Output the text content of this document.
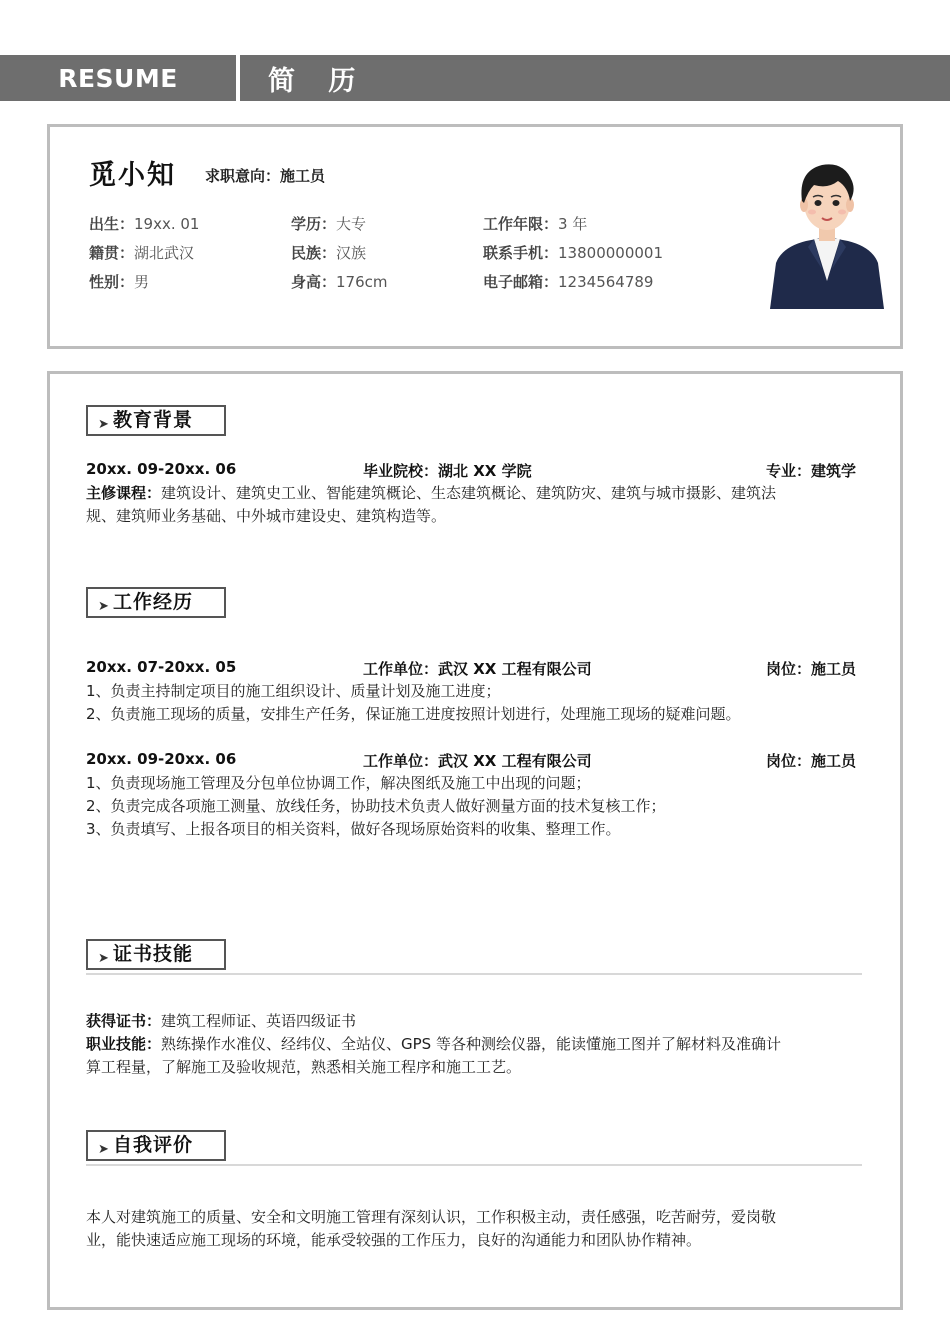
RESUME	简 历
觅小知 求职意向：施工员
出生：19xx. 01	学历：大专	工作年限：3 年
籍贯：湖北武汉	民族：汉族	联系手机：13800000001
性别：男	身高：176cm	电子邮箱：1234564789
➤ 教育背景
20xx. 09-20xx. 06	毕业院校：湖北 XX 学院	专业：建筑学
主修课程：建筑设计、建筑史工业、智能建筑概论、生态建筑概论、建筑防灾、建筑与城市摄影、建筑法
规、建筑师业务基础、中外城市建设史、建筑构造等。
➤ 工作经历
20xx. 07-20xx. 05	工作单位：武汉 XX 工程有限公司	岗位：施工员
1、负责主持制定项目的施工组织设计、质量计划及施工进度；
2、负责施工现场的质量，安排生产任务，保证施工进度按照计划进行，处理施工现场的疑难问题。
20xx. 09-20xx. 06	工作单位：武汉 XX 工程有限公司	岗位：施工员
1、负责现场施工管理及分包单位协调工作，解决图纸及施工中出现的问题；
2、负责完成各项施工测量、放线任务，协助技术负责人做好测量方面的技术复核工作；
3、负责填写、上报各项目的相关资料，做好各现场原始资料的收集、整理工作。
➤ 证书技能
获得证书：建筑工程师证、英语四级证书
职业技能：熟练操作水准仪、经纬仪、全站仪、GPS 等各种测绘仪器，能读懂施工图并了解材料及准确计
算工程量，了解施工及验收规范，熟悉相关施工程序和施工工艺。
➤ 自我评价
本人对建筑施工的质量、安全和文明施工管理有深刻认识，工作积极主动，责任感强，吃苦耐劳，爱岗敬
业，能快速适应施工现场的环境，能承受较强的工作压力，良好的沟通能力和团队协作精神。
